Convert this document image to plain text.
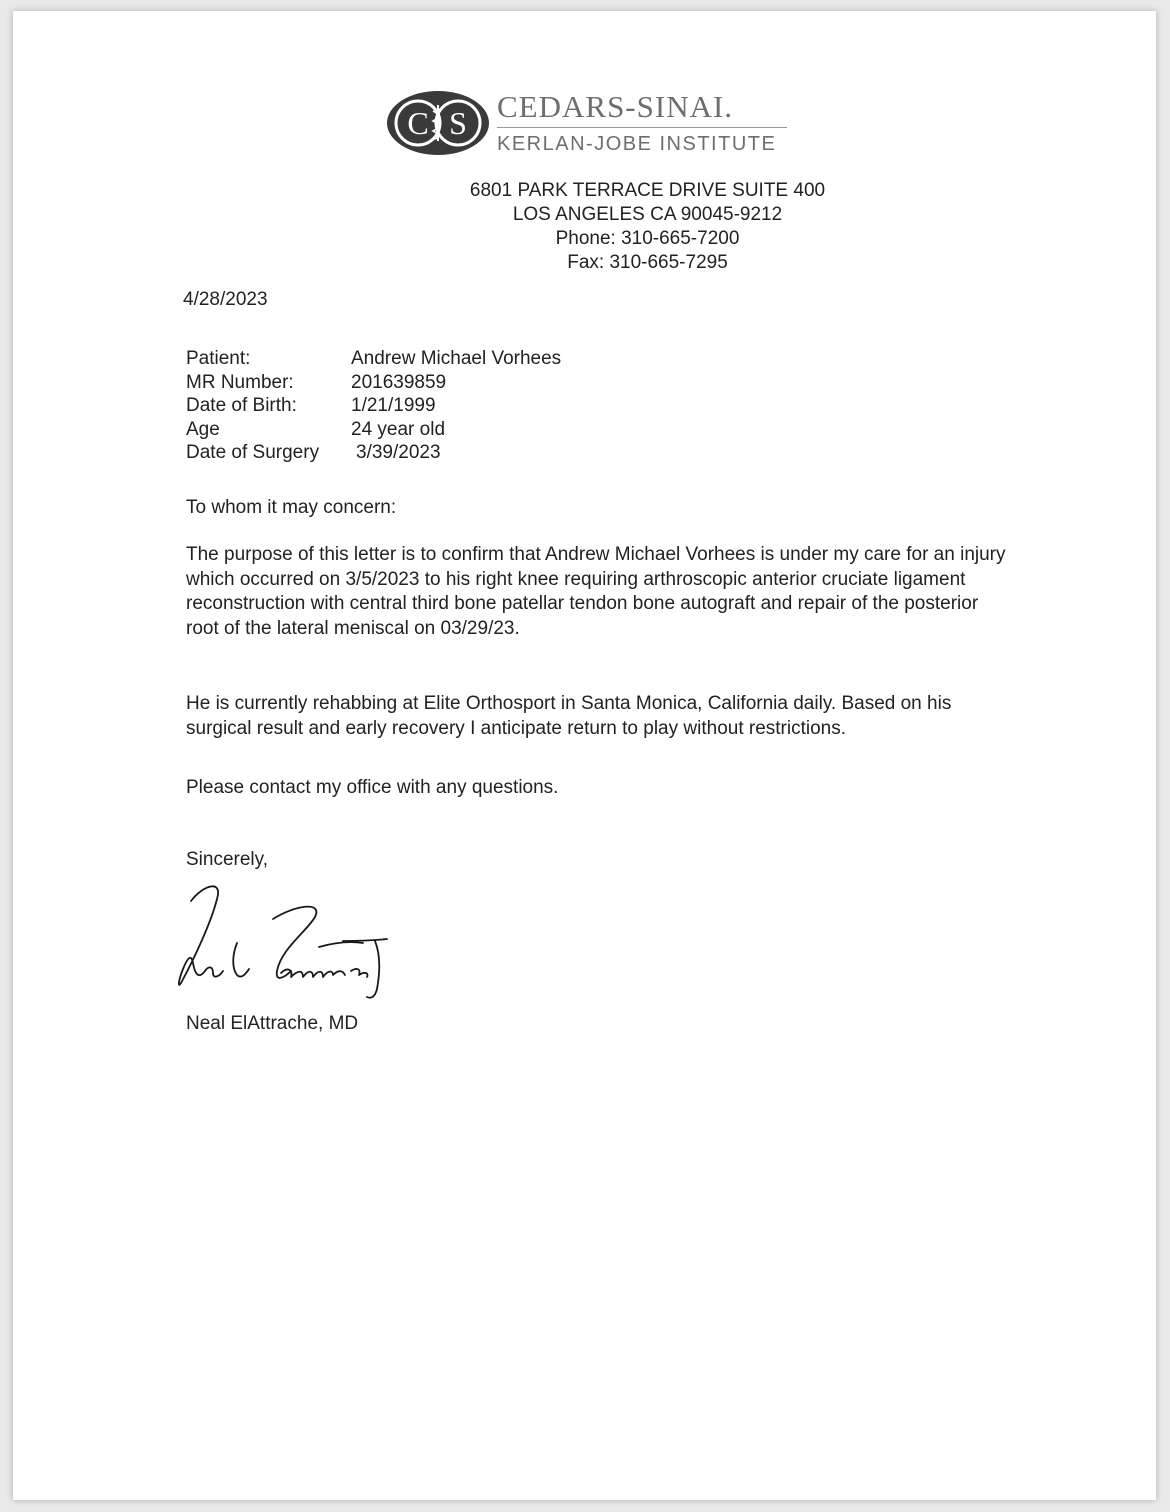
C S CEDARS-SINAI.
KERLAN-JOBE INSTITUTE
6801 PARK TERRACE DRIVE SUITE 400
LOS ANGELES CA 90045-9212
Phone: 310-665-7200
Fax: 310-665-7295
4/28/2023
Patient:	Andrew Michael Vorhees
MR Number:	201639859
Date of Birth:	1/21/1999
Age	24 year old
Date of Surgery 3/39/2023
To whom it may concern:

The purpose of this letter is to confirm that Andrew Michael Vorhees is under my care for an injury which occurred on 3/5/2023 to his right knee requiring arthroscopic anterior cruciate ligament reconstruction with central third bone patellar tendon bone autograft and repair of the posterior root of the lateral meniscal on 03/29/23.

He is currently rehabbing at Elite Orthosport in Santa Monica, California daily. Based on his surgical result and early recovery I anticipate return to play without restrictions.

Please contact my office with any questions.

Sincerely,
Neal ElAttrache, MD
